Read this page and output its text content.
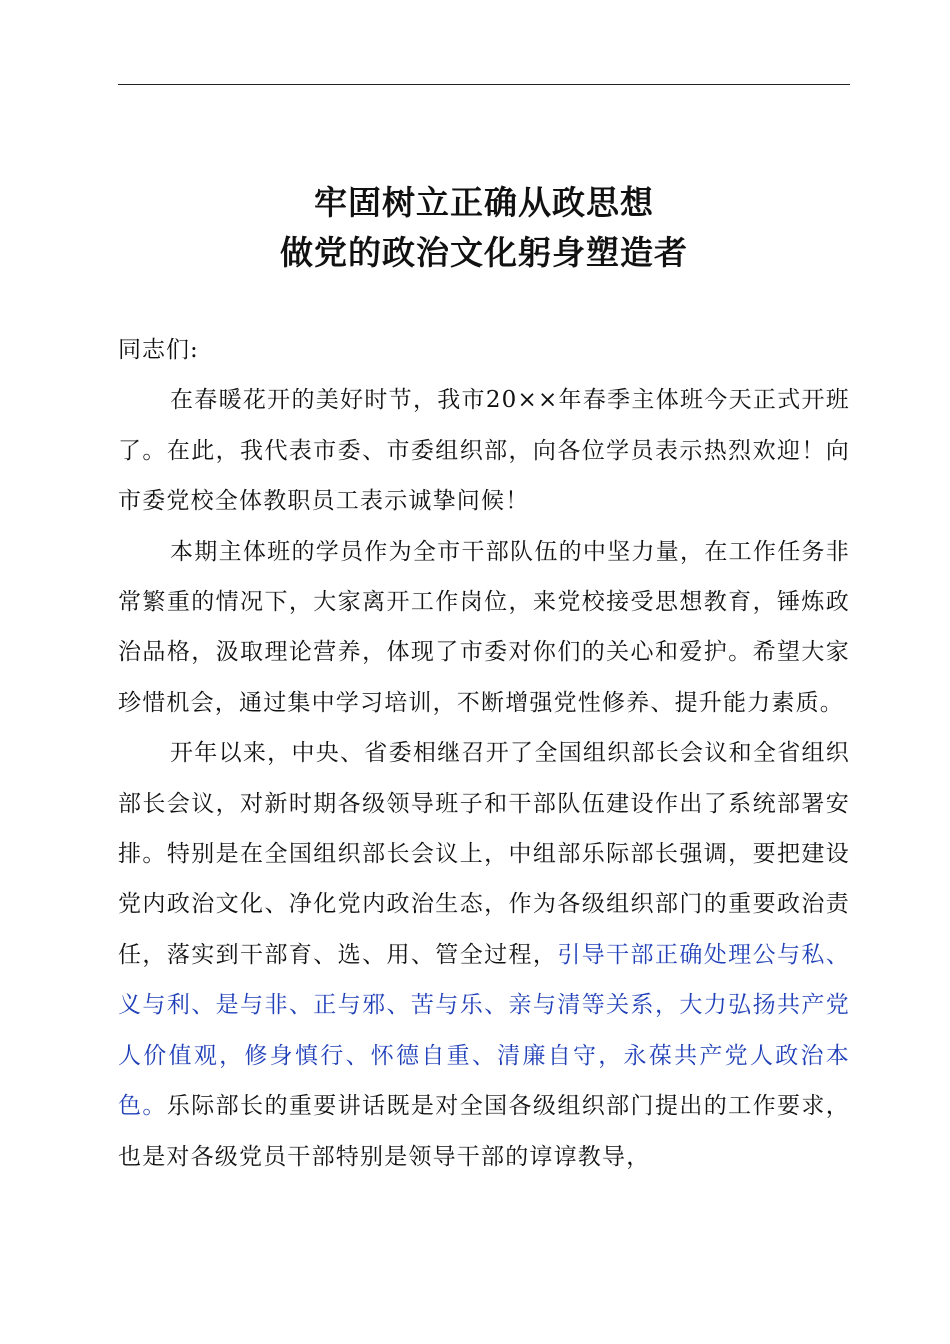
牢固树立正确从政思想
做党的政治文化躬身塑造者

同志们:

在春暖花开的美好时节，我市20××年春季主体班今天正式开班了。在此，我代表市委、市委组织部，向各位学员表示热烈欢迎！向市委党校全体教职员工表示诚挚问候！

本期主体班的学员作为全市干部队伍的中坚力量，在工作任务非常繁重的情况下，大家离开工作岗位，来党校接受思想教育，锤炼政治品格，汲取理论营养，体现了市委对你们的关心和爱护。希望大家珍惜机会，通过集中学习培训，不断增强党性修养、提升能力素质。

开年以来，中央、省委相继召开了全国组织部长会议和全省组织部长会议，对新时期各级领导班子和干部队伍建设作出了系统部署安排。特别是在全国组织部长会议上，中组部乐际部长强调，要把建设党内政治文化、净化党内政治生态，作为各级组织部门的重要政治责任，落实到干部育、选、用、管全过程，引导干部正确处理公与私、义与利、是与非、正与邪、苦与乐、亲与清等关系，大力弘扬共产党人价值观，修身慎行、怀德自重、清廉自守，永葆共产党人政治本色。乐际部长的重要讲话既是对全国各级组织部门提出的工作要求，也是对各级党员干部特别是领导干部的谆谆教导，
